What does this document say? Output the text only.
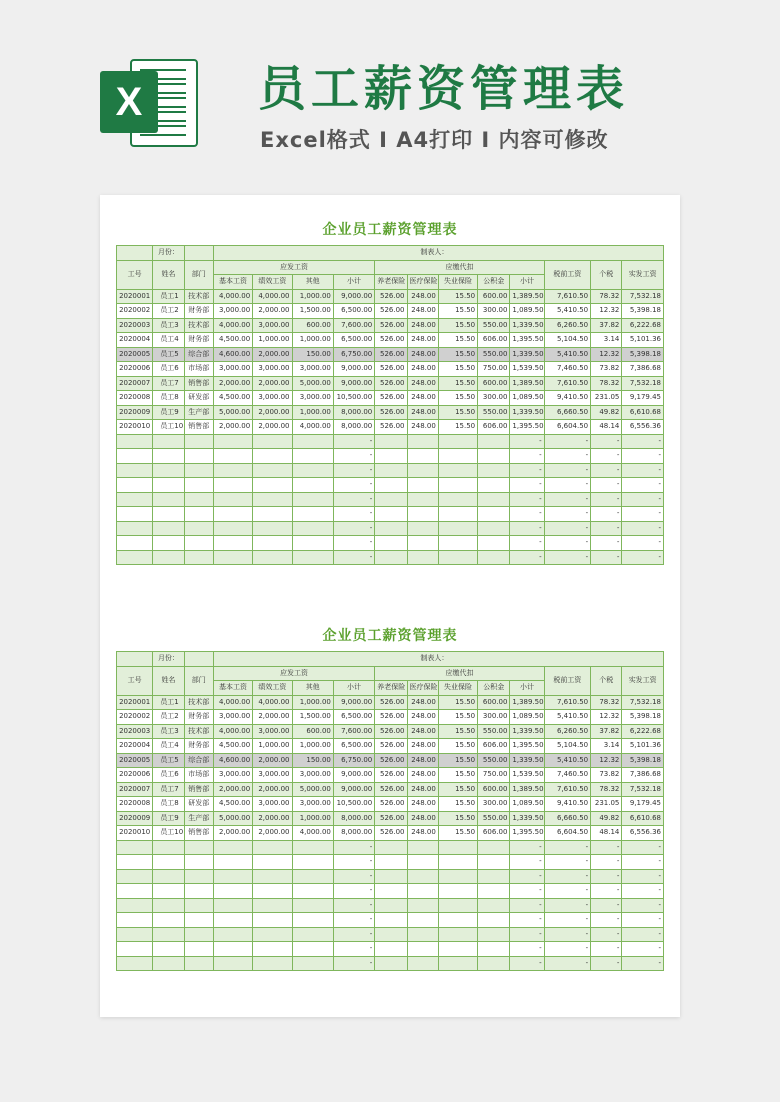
X	员工薪资管理表
Excel格式 I A4打印 I 内容可修改
企业员工薪资管理表
	月份：		制表人：											
工号	姓名	部门	应发工资				应缴代扣					税前工资	个税	实发工资
			基本工资	绩效工资	其他	小计	养老保险	医疗保险	失业保险	公积金	小计			
2020001	员工1	技术部	4,000.00	4,000.00	1,000.00	9,000.00	526.00	248.00	15.50	600.00	1,389.50	7,610.50	78.32	7,532.18
2020002	员工2	财务部	3,000.00	2,000.00	1,500.00	6,500.00	526.00	248.00	15.50	300.00	1,089.50	5,410.50	12.32	5,398.18
2020003	员工3	技术部	4,000.00	3,000.00	600.00	7,600.00	526.00	248.00	15.50	550.00	1,339.50	6,260.50	37.82	6,222.68
2020004	员工4	财务部	4,500.00	1,000.00	1,000.00	6,500.00	526.00	248.00	15.50	606.00	1,395.50	5,104.50	3.14	5,101.36
2020005	员工5	综合部	4,600.00	2,000.00	150.00	6,750.00	526.00	248.00	15.50	550.00	1,339.50	5,410.50	12.32	5,398.18
2020006	员工6	市场部	3,000.00	3,000.00	3,000.00	9,000.00	526.00	248.00	15.50	750.00	1,539.50	7,460.50	73.82	7,386.68
2020007	员工7	销售部	2,000.00	2,000.00	5,000.00	9,000.00	526.00	248.00	15.50	600.00	1,389.50	7,610.50	78.32	7,532.18
2020008	员工8	研发部	4,500.00	3,000.00	3,000.00	10,500.00	526.00	248.00	15.50	300.00	1,089.50	9,410.50	231.05	9,179.45
2020009	员工9	生产部	5,000.00	2,000.00	1,000.00	8,000.00	526.00	248.00	15.50	550.00	1,339.50	6,660.50	49.82	6,610.68
2020010	员工10	销售部	2,000.00	2,000.00	4,000.00	8,000.00	526.00	248.00	15.50	606.00	1,395.50	6,604.50	48.14	6,556.36
						-					-	-	-	-
						-					-	-	-	-
						-					-	-	-	-
						-					-	-	-	-
						-					-	-	-	-
						-					-	-	-	-
						-					-	-	-	-
						-					-	-	-	-
						-					-	-	-	-
企业员工薪资管理表
	月份：		制表人：											
工号	姓名	部门	应发工资				应缴代扣					税前工资	个税	实发工资
			基本工资	绩效工资	其他	小计	养老保险	医疗保险	失业保险	公积金	小计			
2020001	员工1	技术部	4,000.00	4,000.00	1,000.00	9,000.00	526.00	248.00	15.50	600.00	1,389.50	7,610.50	78.32	7,532.18
2020002	员工2	财务部	3,000.00	2,000.00	1,500.00	6,500.00	526.00	248.00	15.50	300.00	1,089.50	5,410.50	12.32	5,398.18
2020003	员工3	技术部	4,000.00	3,000.00	600.00	7,600.00	526.00	248.00	15.50	550.00	1,339.50	6,260.50	37.82	6,222.68
2020004	员工4	财务部	4,500.00	1,000.00	1,000.00	6,500.00	526.00	248.00	15.50	606.00	1,395.50	5,104.50	3.14	5,101.36
2020005	员工5	综合部	4,600.00	2,000.00	150.00	6,750.00	526.00	248.00	15.50	550.00	1,339.50	5,410.50	12.32	5,398.18
2020006	员工6	市场部	3,000.00	3,000.00	3,000.00	9,000.00	526.00	248.00	15.50	750.00	1,539.50	7,460.50	73.82	7,386.68
2020007	员工7	销售部	2,000.00	2,000.00	5,000.00	9,000.00	526.00	248.00	15.50	600.00	1,389.50	7,610.50	78.32	7,532.18
2020008	员工8	研发部	4,500.00	3,000.00	3,000.00	10,500.00	526.00	248.00	15.50	300.00	1,089.50	9,410.50	231.05	9,179.45
2020009	员工9	生产部	5,000.00	2,000.00	1,000.00	8,000.00	526.00	248.00	15.50	550.00	1,339.50	6,660.50	49.82	6,610.68
2020010	员工10	销售部	2,000.00	2,000.00	4,000.00	8,000.00	526.00	248.00	15.50	606.00	1,395.50	6,604.50	48.14	6,556.36
						-					-	-	-	-
						-					-	-	-	-
						-					-	-	-	-
						-					-	-	-	-
						-					-	-	-	-
						-					-	-	-	-
						-					-	-	-	-
						-					-	-	-	-
						-					-	-	-	-
